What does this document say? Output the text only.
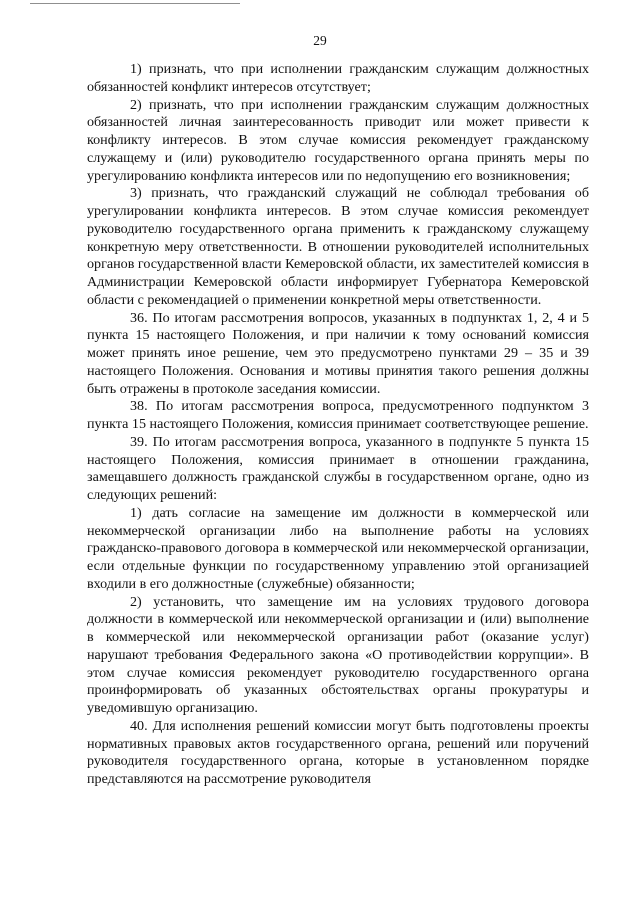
29

1) признать, что при исполнении гражданским служащим должностных обязанностей конфликт интересов отсутствует;

2) признать, что при исполнении гражданским служащим должностных обязанностей личная заинтересованность приводит или может привести к конфликту интересов. В этом случае комиссия рекомендует гражданскому служащему и (или) руководителю государственного органа принять меры по урегулированию конфликта интересов или по недопущению его возникновения;

3) признать, что гражданский служащий не соблюдал требования об урегулировании конфликта интересов. В этом случае комиссия рекомендует руководителю государственного органа применить к гражданскому служащему конкретную меру ответственности. В отношении руководителей исполнительных органов государственной власти Кемеровской области, их заместителей комиссия в Администрации Кемеровской области информирует Губернатора Кемеровской области с рекомендацией о применении конкретной меры ответственности.

36. По итогам рассмотрения вопросов, указанных в подпунктах 1, 2, 4 и 5 пункта 15 настоящего Положения, и при наличии к тому оснований комиссия может принять иное решение, чем это предусмотрено пунктами 29 – 35 и 39 настоящего Положения. Основания и мотивы принятия такого решения должны быть отражены в протоколе заседания комиссии.

38. По итогам рассмотрения вопроса, предусмотренного подпунктом 3 пункта 15 настоящего Положения, комиссия принимает соответствующее решение.

39. По итогам рассмотрения вопроса, указанного в подпункте 5 пункта 15 настоящего Положения, комиссия принимает в отношении гражданина, замещавшего должность гражданской службы в государственном органе, одно из следующих решений:

1) дать согласие на замещение им должности в коммерческой или некоммерческой организации либо на выполнение работы на условиях гражданско-правового договора в коммерческой или некоммерческой организации, если отдельные функции по государственному управлению этой организацией входили в его должностные (служебные) обязанности;

2) установить, что замещение им на условиях трудового договора должности в коммерческой или некоммерческой организации и (или) выполнение в коммерческой или некоммерческой организации работ (оказание услуг) нарушают требования Федерального закона «О противодействии коррупции». В этом случае комиссия рекомендует руководителю государственного органа проинформировать об указанных обстоятельствах органы прокуратуры и уведомившую организацию.

40. Для исполнения решений комиссии могут быть подготовлены проекты нормативных правовых актов государственного органа, решений или поручений руководителя государственного органа, которые в установленном порядке представляются на рассмотрение руководителя
